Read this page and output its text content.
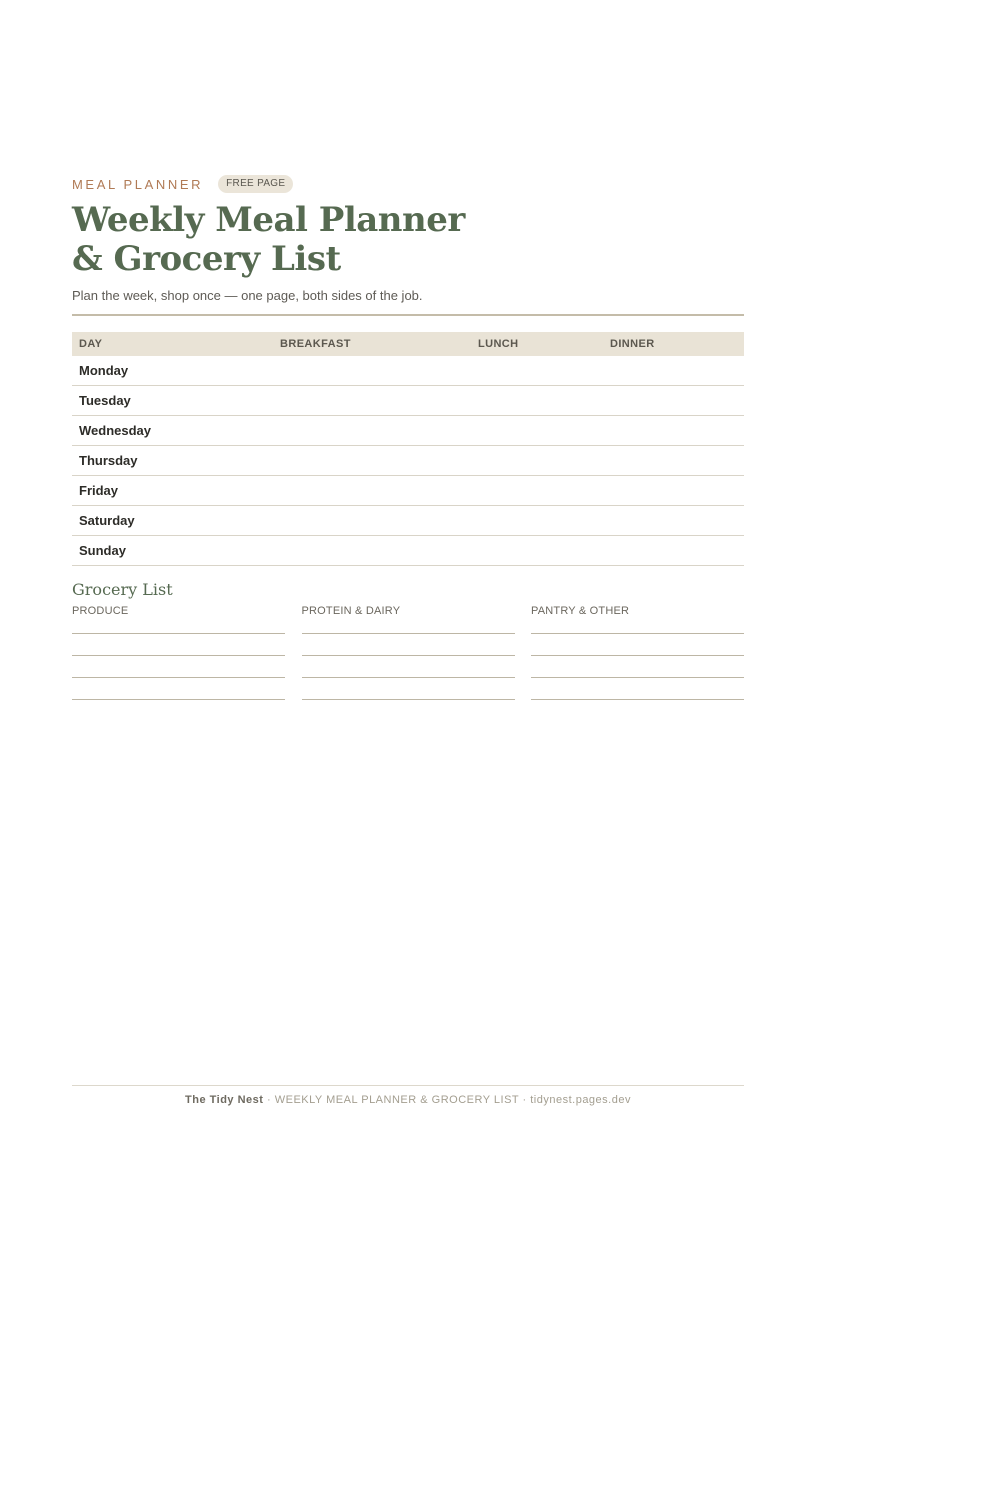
MEAL PLANNER	FREE PAGE
Weekly Meal Planner
& Grocery List
Plan the week, shop once — one page, both sides of the job.
DAY	BREAKFAST	LUNCH	DINNER
Monday			
Tuesday			
Wednesday			
Thursday			
Friday			
Saturday			
Sunday			
Grocery List
PRODUCE	PROTEIN & DAIRY	PANTRY & OTHER
The Tidy Nest · WEEKLY MEAL PLANNER & GROCERY LIST · tidynest.pages.dev
